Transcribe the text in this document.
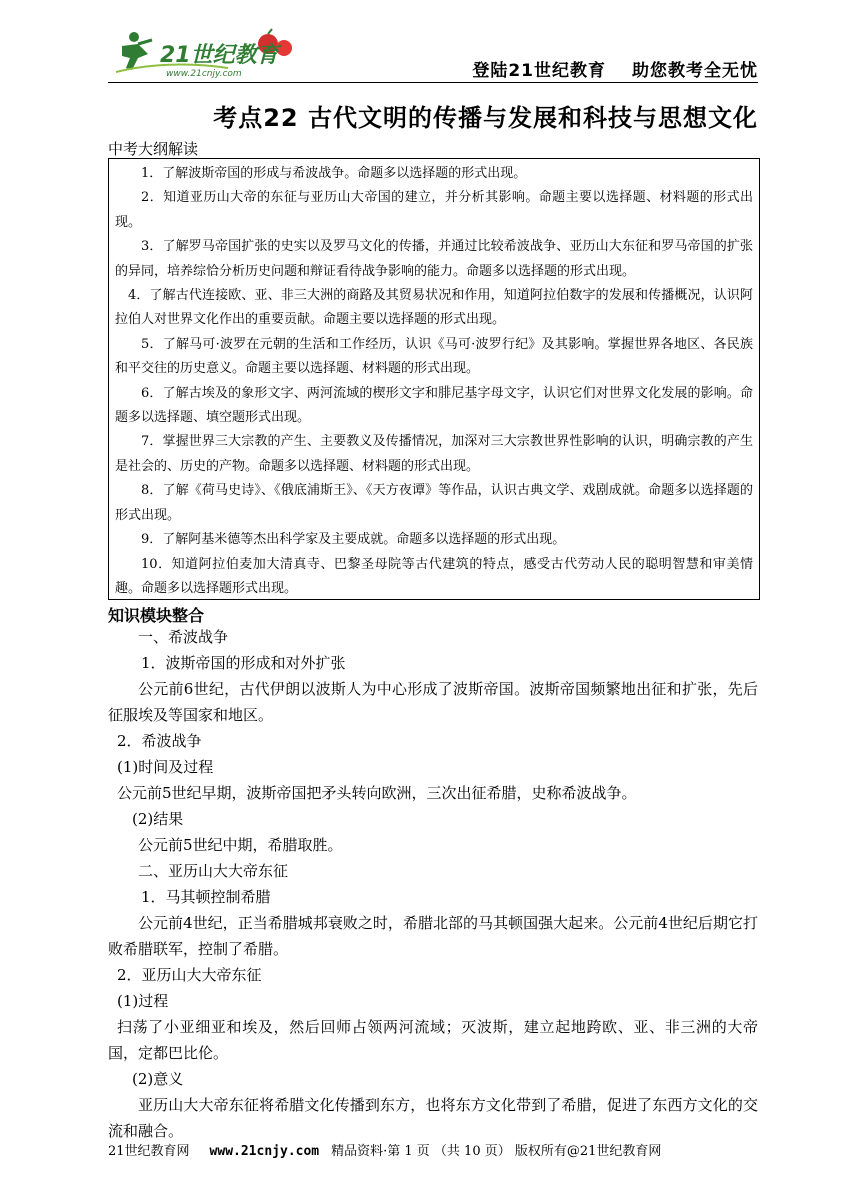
21世纪教育
www.21cnjy.com	登陆21世纪教育 助您教考全无忧
考点22 古代文明的传播与发展和科技与思想文化
中考大纲解读

1．了解波斯帝国的形成与希波战争。命题多以选择题的形式出现。

2．知道亚历山大帝的东征与亚历山大帝国的建立，并分析其影响。命题主要以选择题、材料题的形式出现。

3．了解罗马帝国扩张的史实以及罗马文化的传播，并通过比较希波战争、亚历山大东征和罗马帝国的扩张的异同，培养综恰分析历史问题和辩证看待战争影响的能力。命题多以选择题的形式出现。

4．了解古代连接欧、亚、非三大洲的商路及其贸易状况和作用，知道阿拉伯数字的发展和传播概况，认识阿拉伯人对世界文化作出的重要贡献。命题主要以选择题的形式出现。

5．了解马可·波罗在元朝的生活和工作经历，认识《马可·波罗行纪》及其影响。掌握世界各地区、各民族和平交往的历史意义。命题主要以选择题、材料题的形式出现。

6．了解古埃及的象形文字、两河流域的楔形文字和腓尼基字母文字，认识它们对世界文化发展的影响。命题多以选择题、填空题形式出现。

7．掌握世界三大宗教的产生、主要教义及传播情况，加深对三大宗教世界性影响的认识，明确宗教的产生是社会的、历史的产物。命题多以选择题、材料题的形式出现。

8．了解《荷马史诗》、《俄底浦斯王》、《天方夜谭》等作品，认识古典文学、戏剧成就。命题多以选择题的形式出现。

9．了解阿基米德等杰出科学家及主要成就。命题多以选择题的形式出现。

10．知道阿拉伯麦加大清真寺、巴黎圣母院等古代建筑的特点，感受古代劳动人民的聪明智慧和审美情趣。命题多以选择题形式出现。

知识模块整合

一、希波战争

1．波斯帝国的形成和对外扩张

公元前6世纪，古代伊朗以波斯人为中心形成了波斯帝国。波斯帝国频繁地出征和扩张，先后征服埃及等国家和地区。

2．希波战争

(1)时间及过程

公元前5世纪早期，波斯帝国把矛头转向欧洲，三次出征希腊，史称希波战争。

(2)结果

公元前5世纪中期，希腊取胜。

二、亚历山大大帝东征

1．马其顿控制希腊

公元前4世纪，正当希腊城邦衰败之时，希腊北部的马其顿国强大起来。公元前4世纪后期它打败希腊联军，控制了希腊。

2．亚历山大大帝东征

(1)过程

扫荡了小亚细亚和埃及，然后回师占领两河流域；灭波斯，建立起地跨欧、亚、非三洲的大帝国，定都巴比伦。

(2)意义

亚历山大大帝东征将希腊文化传播到东方，也将东方文化带到了希腊，促进了东西方文化的交流和融合。

21世纪教育网 www.21cnjy.com 精品资料·第 1 页 （共 10 页） 版权所有@21世纪教育网
